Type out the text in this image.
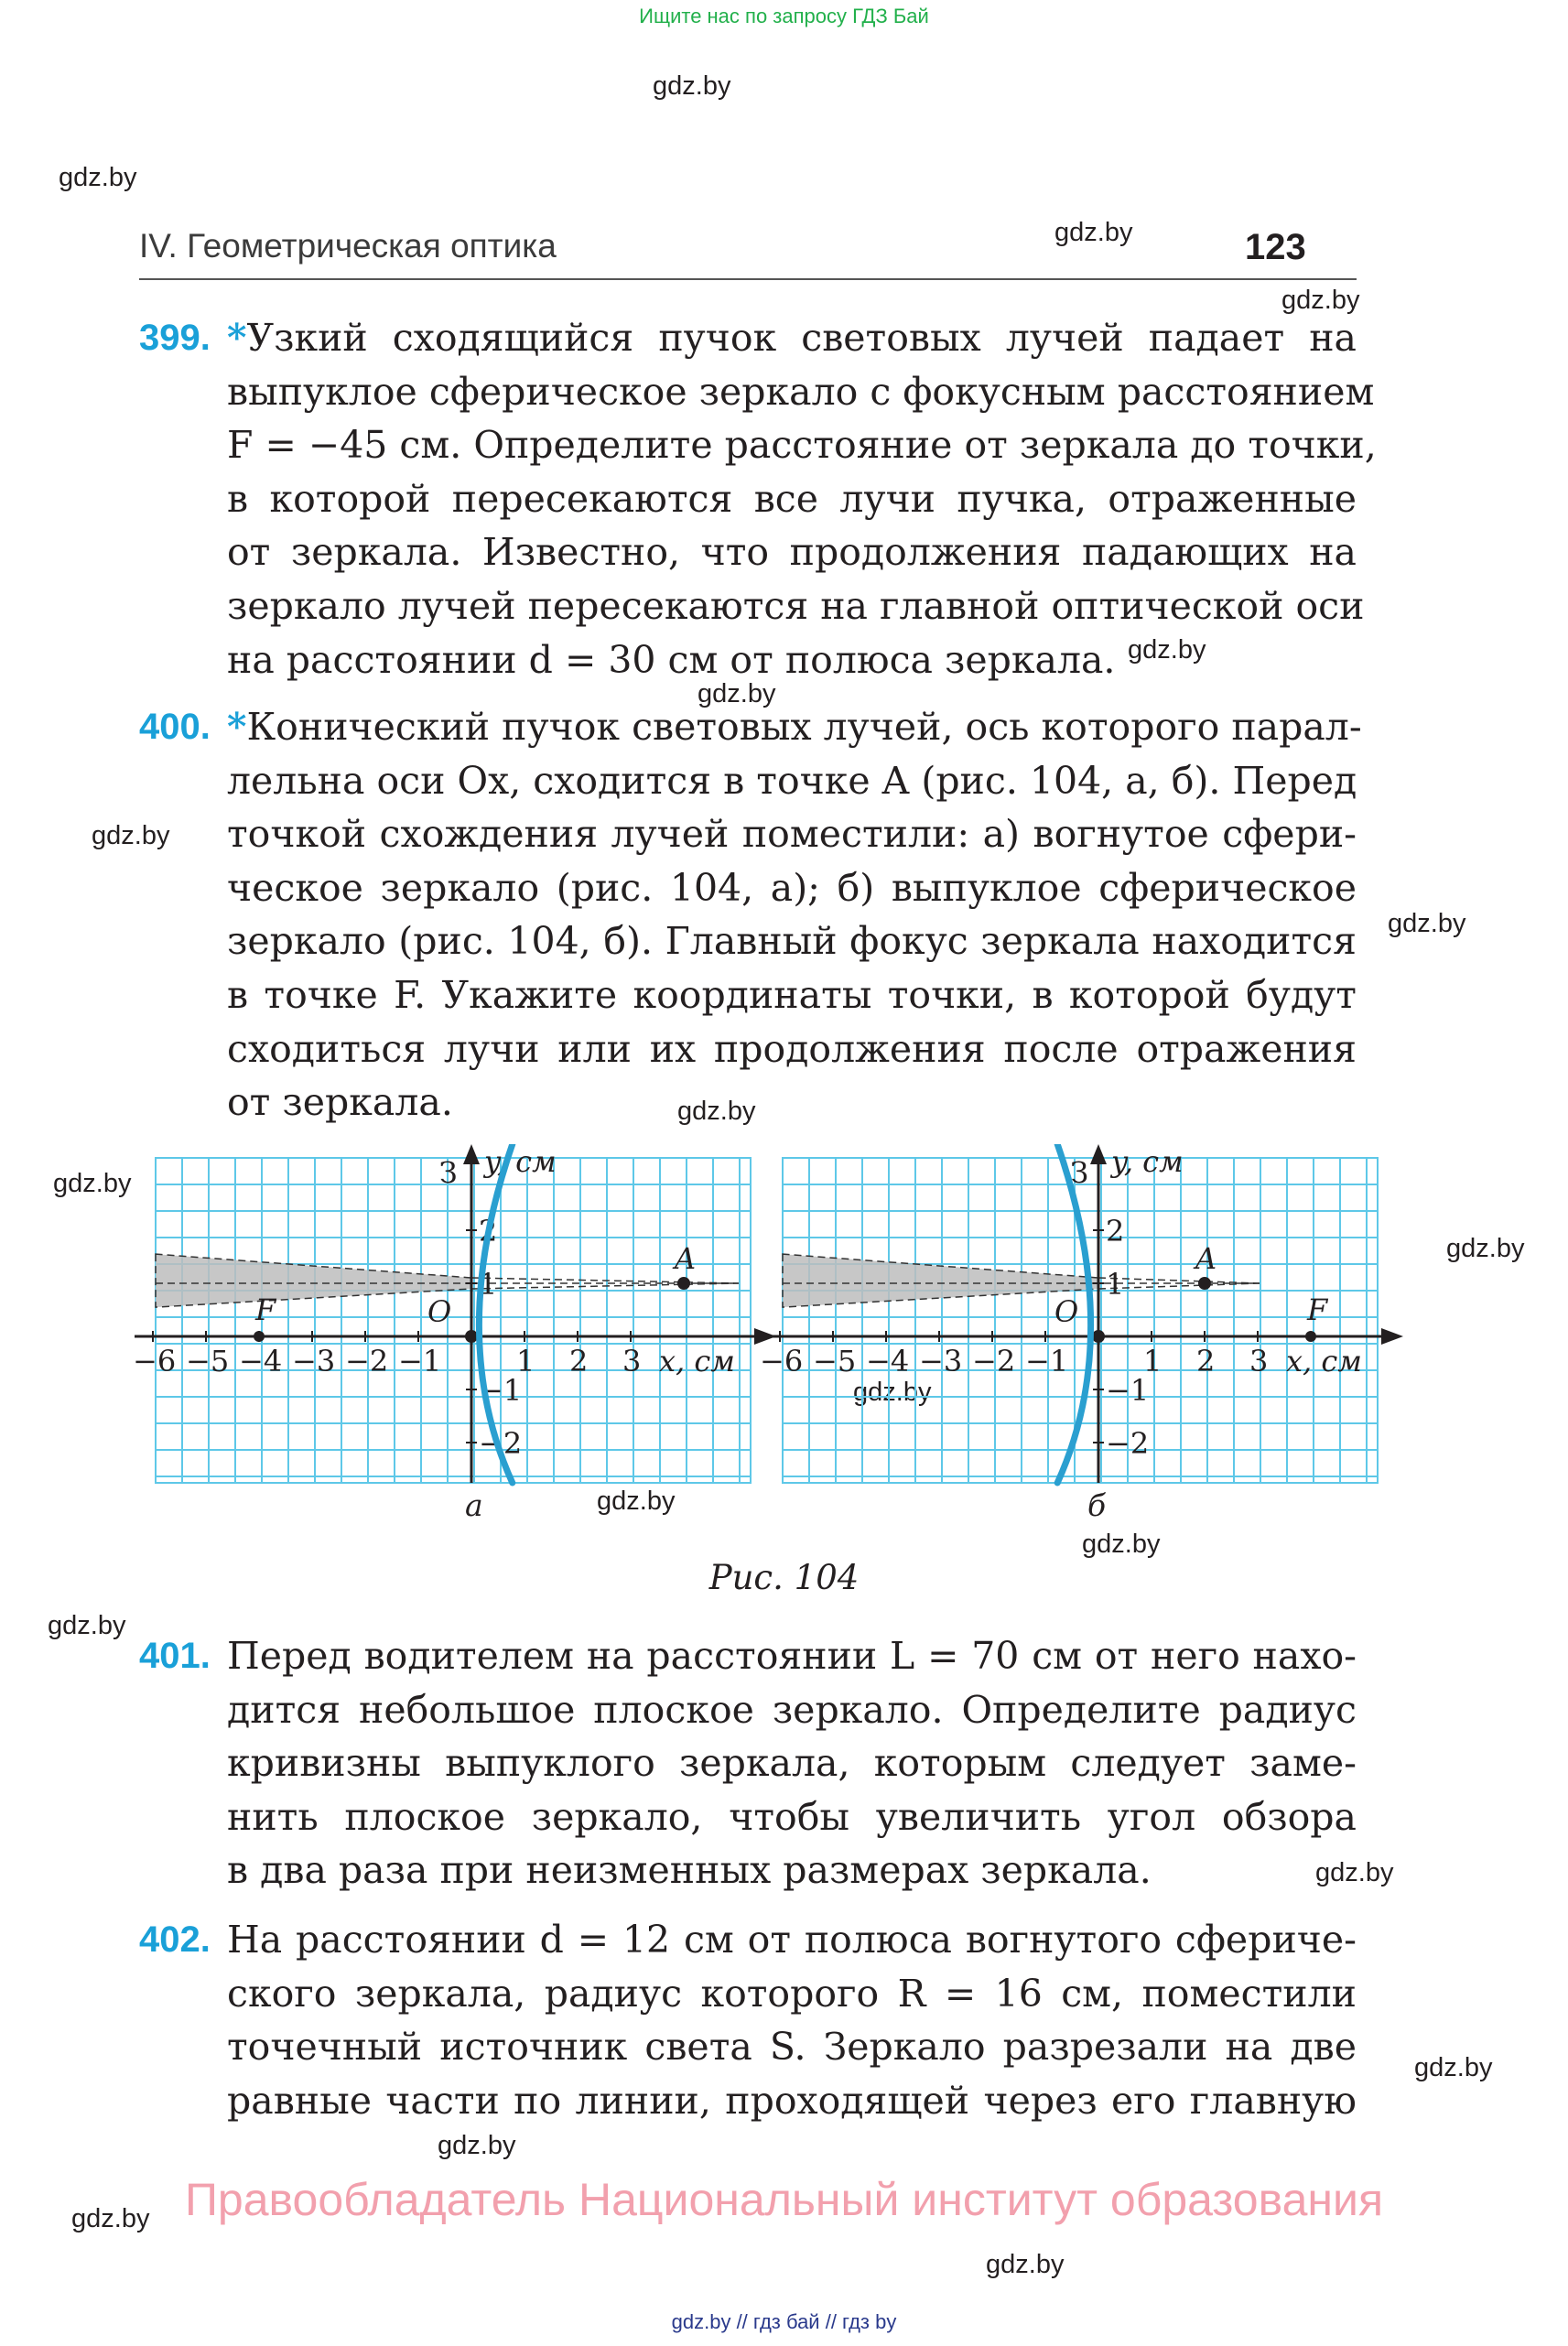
Ищите нас по запросу ГДЗ Бай
gdz.by
gdz.by
gdz.by
gdz.by
gdz.by
gdz.by
gdz.by
gdz.by
gdz.by
gdz.by
gdz.by
gdz.by
gdz.by
gdz.by
gdz.by
gdz.by
gdz.by
gdz.by
gdz.by
gdz.by
IV. Геометрическая оптика	123
399. *Узкий сходящийся пучок световых лучей падает на
выпуклое сферическое зеркало с фокусным расстоянием
F = −45 см. Определите расстояние от зеркала до точки,
в которой пересекаются все лучи пучка, отраженные
от зеркала. Известно, что продолжения падающих на
зеркало лучей пересекаются на главной оптической оси
на расстоянии d = 30 см от полюса зеркала.
400. *Конический пучок световых лучей, ось которого парал-
лельна оси Ox, сходится в точке A (рис. 104, а, б). Перед
точкой схождения лучей поместили: а) вогнутое сфери-
ческое зеркало (рис. 104, а); б) выпуклое сферическое
зеркало (рис. 104, б). Главный фокус зеркала находится
в точке F. Укажите координаты точки, в которой будут
сходиться лучи или их продолжения после отражения
от зеркала.
−6 −5 −4 −3 −2 −1	1 2 3
2
1
−1
−2
y, см
x, см
O
F
A
З
−6 −5 −4 −3 −2 −1	1 2 3
2
1
−1
−2
y, см
x, см
O	F
A
З
а	б
Рис. 104
401. Перед водителем на расстоянии L = 70 см от него нахо-
дится небольшое плоское зеркало. Определите радиус
кривизны выпуклого зеркала, которым следует заме-
нить плоское зеркало, чтобы увеличить угол обзора
в два раза при неизменных размерах зеркала.
402. На расстоянии d = 12 см от полюса вогнутого сфериче-
ского зеркала, радиус которого R = 16 см, поместили
точечный источник света S. Зеркало разрезали на две
равные части по линии, проходящей через его главную
Правообладатель Национальный институт образования
gdz.by // гдз бай // гдз by
